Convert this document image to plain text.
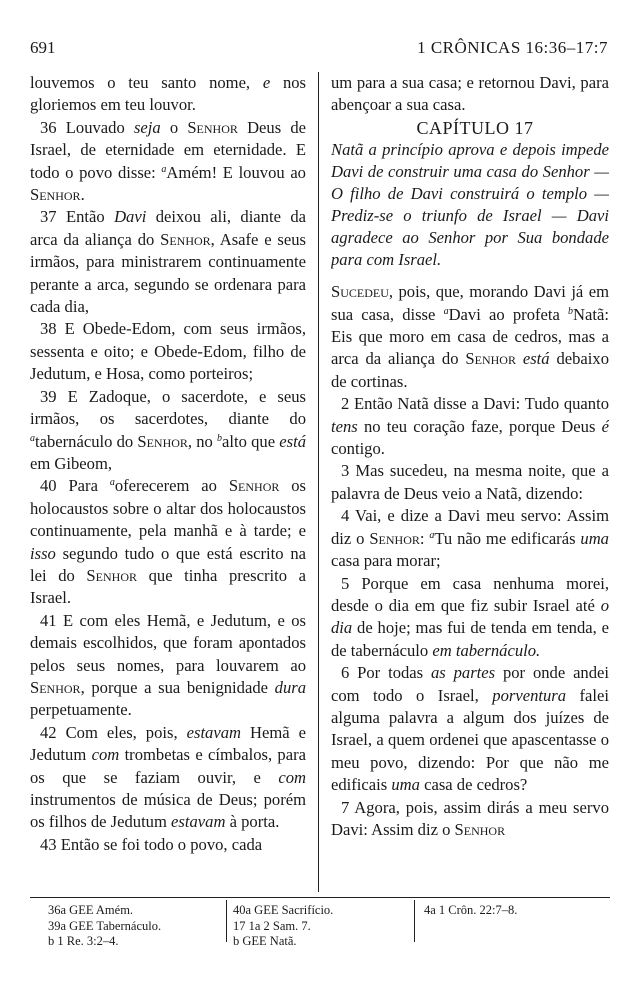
691	1 CRÔNICAS 16:36–17:7

louvemos o teu santo nome, e nos gloriemos em teu louvor.

36 Louvado seja o Senhor Deus de Israel, de eternidade em eternidade. E todo o povo disse: $^a$Amém! E louvou ao Senhor.

37 Então Davi deixou ali, diante da arca da aliança do Senhor, Asafe e seus irmãos, para ministrarem continuamente perante a arca, segundo se ordenara para cada dia,

38 E Obede-Edom, com seus irmãos, sessenta e oito; e Obede-Edom, filho de Jedutum, e Hosa, como porteiros;

39 E Zadoque, o sacerdote, e seus irmãos, os sacerdotes, diante do $^a$tabernáculo do Senhor, no $^b$alto que está em Gibeom,

40 Para $^a$oferecerem ao Senhor os holocaustos sobre o altar dos holocaustos continuamente, pela manhã e à tarde; e isso segundo tudo o que está escrito na lei do Senhor que tinha prescrito a Israel.

41 E com eles Hemã, e Jedutum, e os demais escolhidos, que foram apontados pelos seus nomes, para louvarem ao Senhor, porque a sua benignidade dura perpetuamente.

42 Com eles, pois, estavam Hemã e Jedutum com trombetas e címbalos, para os que se faziam ouvir, e com instrumentos de música de Deus; porém os filhos de Jedutum estavam à porta.

43 Então se foi todo o povo, cada

um para a sua casa; e retornou Davi, para abençoar a sua casa.

CAPÍTULO 17

Natã a princípio aprova e depois impede Davi de construir uma casa do Senhor — O filho de Davi construirá o templo — Prediz-se o triunfo de Israel — Davi agradece ao Senhor por Sua bondade para com Israel.

Sucedeu, pois, que, morando Davi já em sua casa, disse $^a$Davi ao profeta $^b$Natã: Eis que moro em casa de cedros, mas a arca da aliança do Senhor está debaixo de cortinas.

2 Então Natã disse a Davi: Tudo quanto tens no teu coração faze, porque Deus é contigo.

3 Mas sucedeu, na mesma noite, que a palavra de Deus veio a Natã, dizendo:

4 Vai, e dize a Davi meu servo: Assim diz o Senhor: $^a$Tu não me edificarás uma casa para morar;

5 Porque em casa nenhuma morei, desde o dia em que fiz subir Israel até o dia de hoje; mas fui de tenda em tenda, e de tabernáculo em tabernáculo.

6 Por todas as partes por onde andei com todo o Israel, porventura falei alguma palavra a algum dos juízes de Israel, a quem ordenei que apascentasse o meu povo, dizendo: Por que não me edificais uma casa de cedros?

7 Agora, pois, assim dirás a meu servo Davi: Assim diz o Senhor

36a GEE Amém.
39a GEE Tabernáculo.
b 1 Re. 3:2–4.
40a GEE Sacrifício.
17 1a 2 Sam. 7.
b GEE Natã.
4a 1 Crôn. 22:7–8.
